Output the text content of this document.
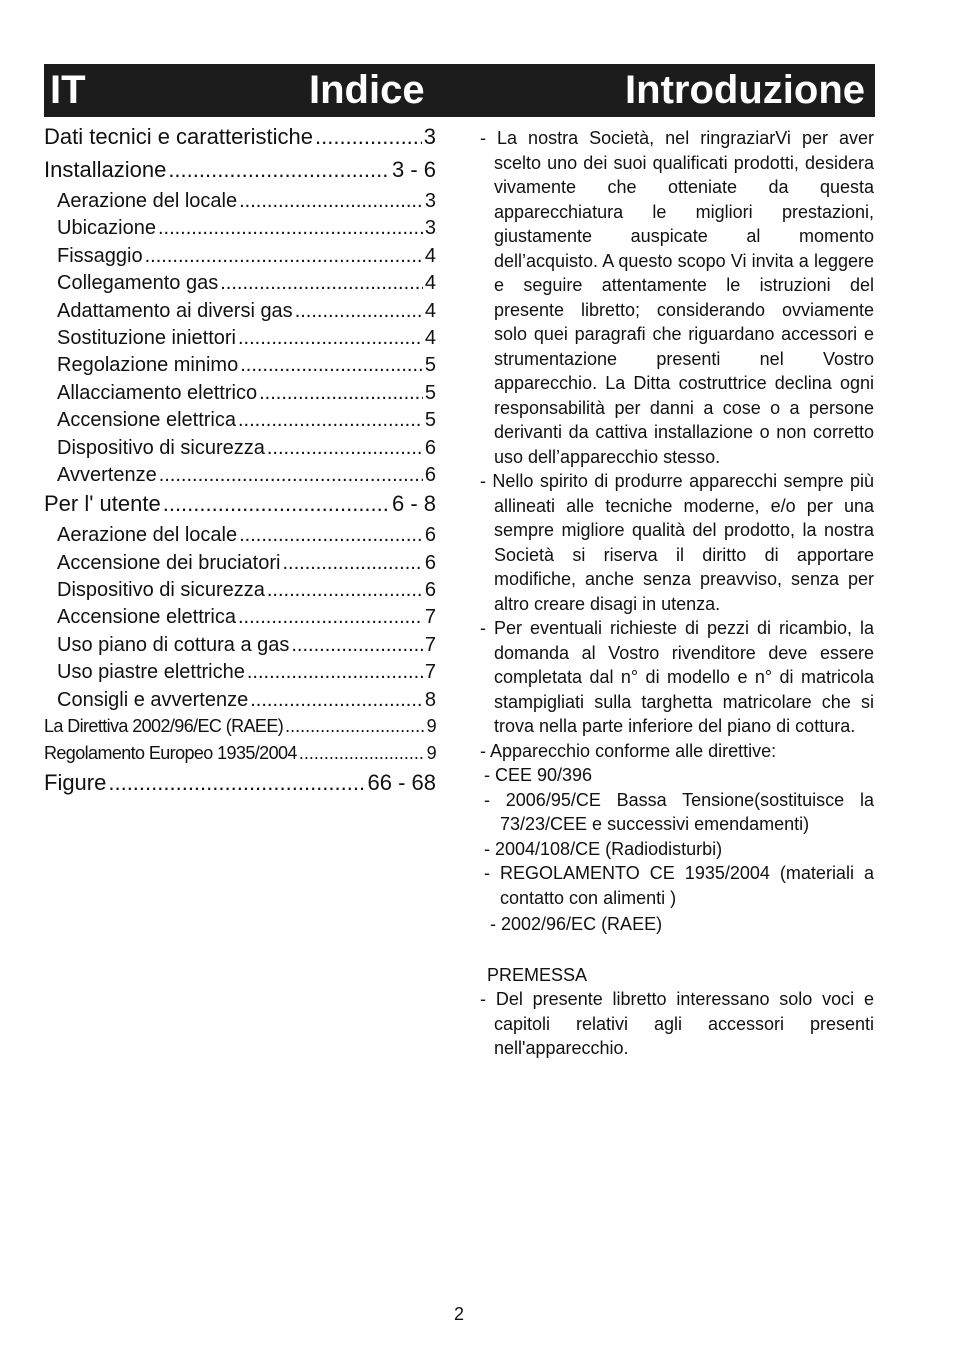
IT	Indice	Introduzione
Dati tecnici e caratteristiche .....	3
Installazione .....	3 - 6
Aerazione del locale .....	3
Ubicazione .....	3
Fissaggio .....	4
Collegamento gas .....	4
Adattamento ai diversi gas .....	4
Sostituzione iniettori .....	4
Regolazione minimo .....	5
Allacciamento elettrico .....	5
Accensione elettrica .....	5
Dispositivo di sicurezza .....	6
Avvertenze .....	6
Per l' utente .....	6 - 8
Aerazione del locale .....	6
Accensione dei bruciatori .....	6
Dispositivo di sicurezza .....	6
Accensione elettrica .....	7
Uso piano di cottura a gas .....	7
Uso piastre elettriche .....	7
Consigli e avvertenze .....	8
La Direttiva 2002/96/EC (RAEE) .....	9
Regolamento Europeo 1935/2004 .....	9
Figure .....	66 - 68
- La nostra Società, nel ringraziarVi per aver scelto uno dei suoi qualificati prodotti, desidera vivamente che otteniate da questa apparecchiatura le migliori prestazioni, giustamente auspicate al momento dell’acquisto. A questo scopo Vi invita a leggere e seguire attentamente le istruzioni del presente libretto; considerando ovviamente solo quei paragrafi che riguardano accessori e strumentazione presenti nel Vostro apparecchio. La Ditta costruttrice declina ogni responsabilità per danni a cose o a persone derivanti da cattiva installazione o non corretto uso dell’apparecchio stesso.
- Nello spirito di produrre apparecchi sempre più allineati alle tecniche moderne, e/o per una sempre migliore qualità del prodotto, la nostra Società si riserva il diritto di apportare modifiche, anche senza preavviso, senza per altro creare disagi in utenza.
- Per eventuali richieste di pezzi di ricambio, la domanda al Vostro rivenditore deve essere completata dal n° di modello e n° di matricola stampigliati sulla targhetta matricolare che si trova nella parte inferiore del piano di cottura.
- Apparecchio conforme alle direttive:
- CEE 90/396
- 2006/95/CE Bassa Tensione(sostituisce la 73/23/CEE e successivi emendamenti)
- 2004/108/CE (Radiodisturbi)
- REGOLAMENTO CE 1935/2004 (materiali a contatto con alimenti )
- 2002/96/EC (RAEE)
PREMESSA
- Del presente libretto interessano solo voci e capitoli relativi agli accessori presenti nell'apparecchio.
2
